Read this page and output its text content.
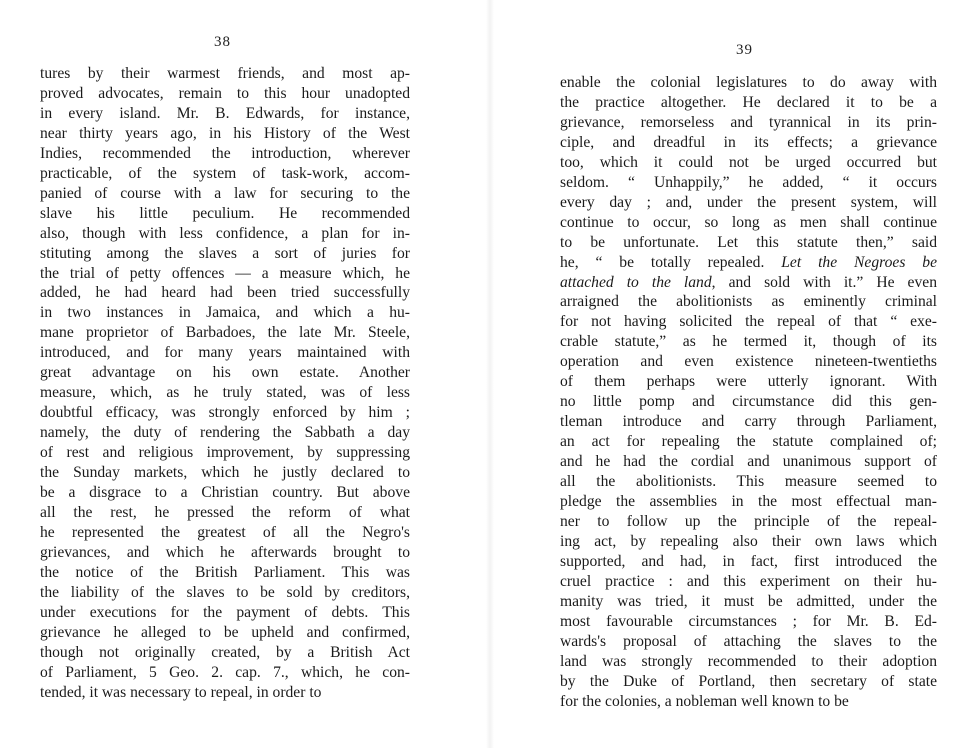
38
tures by their warmest friends, and most ap-
proved advocates, remain to this hour unadopted
in every island. Mr. B. Edwards, for instance,
near thirty years ago, in his History of the West
Indies, recommended the introduction, wherever
practicable, of the system of task-work, accom-
panied of course with a law for securing to the
slave his little peculium. He recommended
also, though with less confidence, a plan for in-
stituting among the slaves a sort of juries for
the trial of petty offences — a measure which, he
added, he had heard had been tried successfully
in two instances in Jamaica, and which a hu-
mane proprietor of Barbadoes, the late Mr. Steele,
introduced, and for many years maintained with
great advantage on his own estate. Another
measure, which, as he truly stated, was of less
doubtful efficacy, was strongly enforced by him ;
namely, the duty of rendering the Sabbath a day
of rest and religious improvement, by suppressing
the Sunday markets, which he justly declared to
be a disgrace to a Christian country. But above
all the rest, he pressed the reform of what
he represented the greatest of all the Negro's
grievances, and which he afterwards brought to
the notice of the British Parliament. This was
the liability of the slaves to be sold by creditors,
under executions for the payment of debts. This
grievance he alleged to be upheld and confirmed,
though not originally created, by a British Act
of Parliament, 5 Geo. 2. cap. 7., which, he con-
tended, it was necessary to repeal, in order to
39
enable the colonial legislatures to do away with
the practice altogether. He declared it to be a
grievance, remorseless and tyrannical in its prin-
ciple, and dreadful in its effects; a grievance
too, which it could not be urged occurred but
seldom. “ Unhappily,” he added, “ it occurs
every day ; and, under the present system, will
continue to occur, so long as men shall continue
to be unfortunate. Let this statute then,” said
he, “ be totally repealed. Let the Negroes be
attached to the land, and sold with it.” He even
arraigned the abolitionists as eminently criminal
for not having solicited the repeal of that “ exe-
crable statute,” as he termed it, though of its
operation and even existence nineteen-twentieths
of them perhaps were utterly ignorant. With
no little pomp and circumstance did this gen-
tleman introduce and carry through Parliament,
an act for repealing the statute complained of;
and he had the cordial and unanimous support of
all the abolitionists. This measure seemed to
pledge the assemblies in the most effectual man-
ner to follow up the principle of the repeal-
ing act, by repealing also their own laws which
supported, and had, in fact, first introduced the
cruel practice : and this experiment on their hu-
manity was tried, it must be admitted, under the
most favourable circumstances ; for Mr. B. Ed-
wards's proposal of attaching the slaves to the
land was strongly recommended to their adoption
by the Duke of Portland, then secretary of state
for the colonies, a nobleman well known to be
